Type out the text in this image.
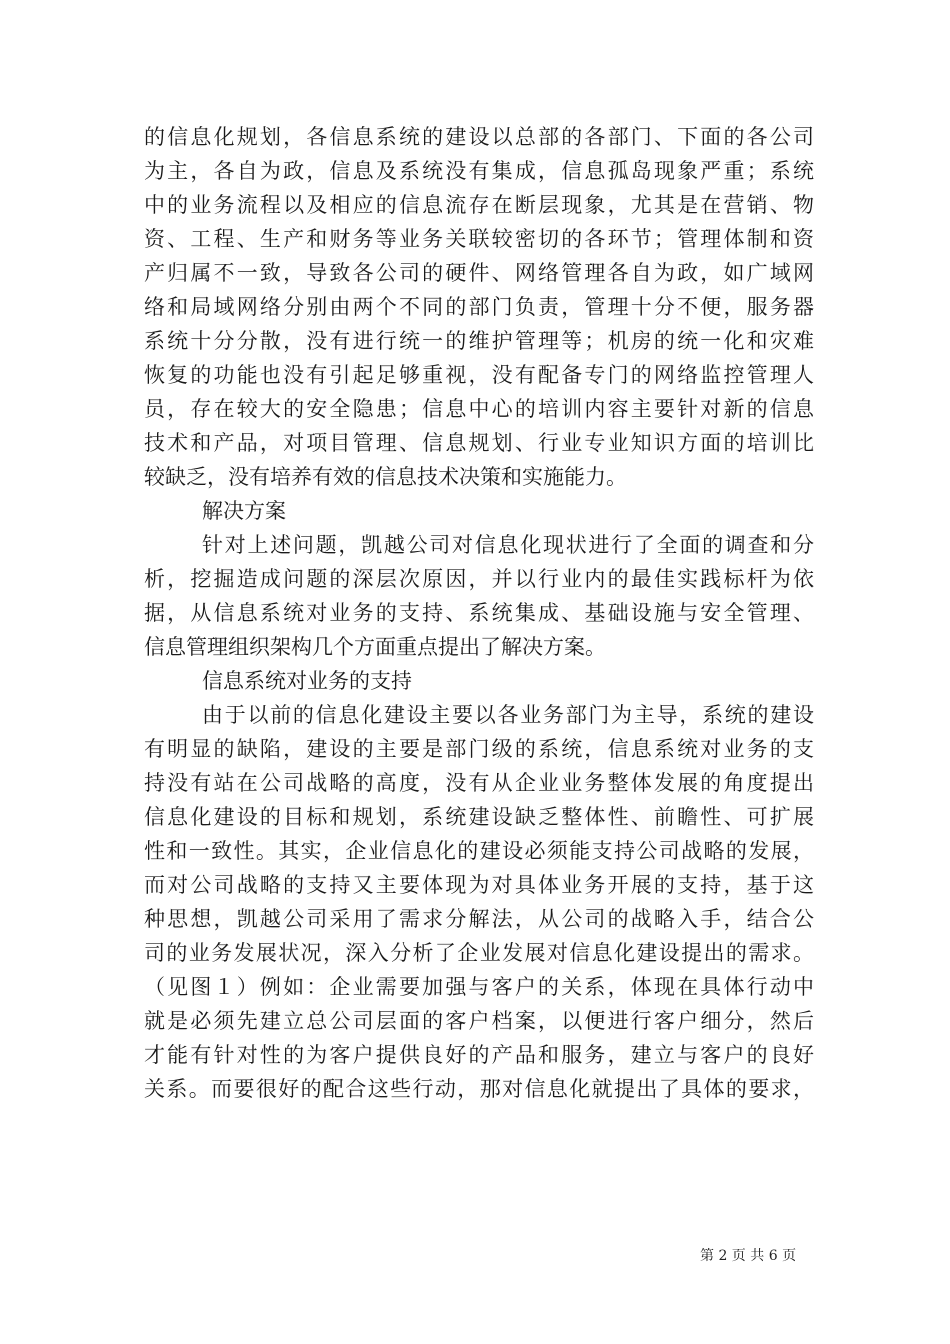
的信息化规划，各信息系统的建设以总部的各部门、下面的各公司

为主，各自为政，信息及系统没有集成，信息孤岛现象严重；系统

中的业务流程以及相应的信息流存在断层现象，尤其是在营销、物

资、工程、生产和财务等业务关联较密切的各环节；管理体制和资

产归属不一致，导致各公司的硬件、网络管理各自为政，如广域网

络和局域网络分别由两个不同的部门负责，管理十分不便，服务器

系统十分分散，没有进行统一的维护管理等；机房的统一化和灾难

恢复的功能也没有引起足够重视，没有配备专门的网络监控管理人

员，存在较大的安全隐患；信息中心的培训内容主要针对新的信息

技术和产品，对项目管理、信息规划、行业专业知识方面的培训比

较缺乏，没有培养有效的信息技术决策和实施能力。

解决方案

针对上述问题，凯越公司对信息化现状进行了全面的调查和分

析，挖掘造成问题的深层次原因，并以行业内的最佳实践标杆为依

据，从信息系统对业务的支持、系统集成、基础设施与安全管理、

信息管理组织架构几个方面重点提出了解决方案。

信息系统对业务的支持

由于以前的信息化建设主要以各业务部门为主导，系统的建设

有明显的缺陷，建设的主要是部门级的系统，信息系统对业务的支

持没有站在公司战略的高度，没有从企业业务整体发展的角度提出

信息化建设的目标和规划，系统建设缺乏整体性、前瞻性、可扩展

性和一致性。其实，企业信息化的建设必须能支持公司战略的发展，

而对公司战略的支持又主要体现为对具体业务开展的支持，基于这

种思想，凯越公司采用了需求分解法，从公司的战略入手，结合公

司的业务发展状况，深入分析了企业发展对信息化建设提出的需求。

（见图１）例如：企业需要加强与客户的关系，体现在具体行动中

就是必须先建立总公司层面的客户档案，以便进行客户细分，然后

才能有针对性的为客户提供良好的产品和服务，建立与客户的良好

关系。而要很好的配合这些行动，那对信息化就提出了具体的要求，

第 2 页 共 6 页
